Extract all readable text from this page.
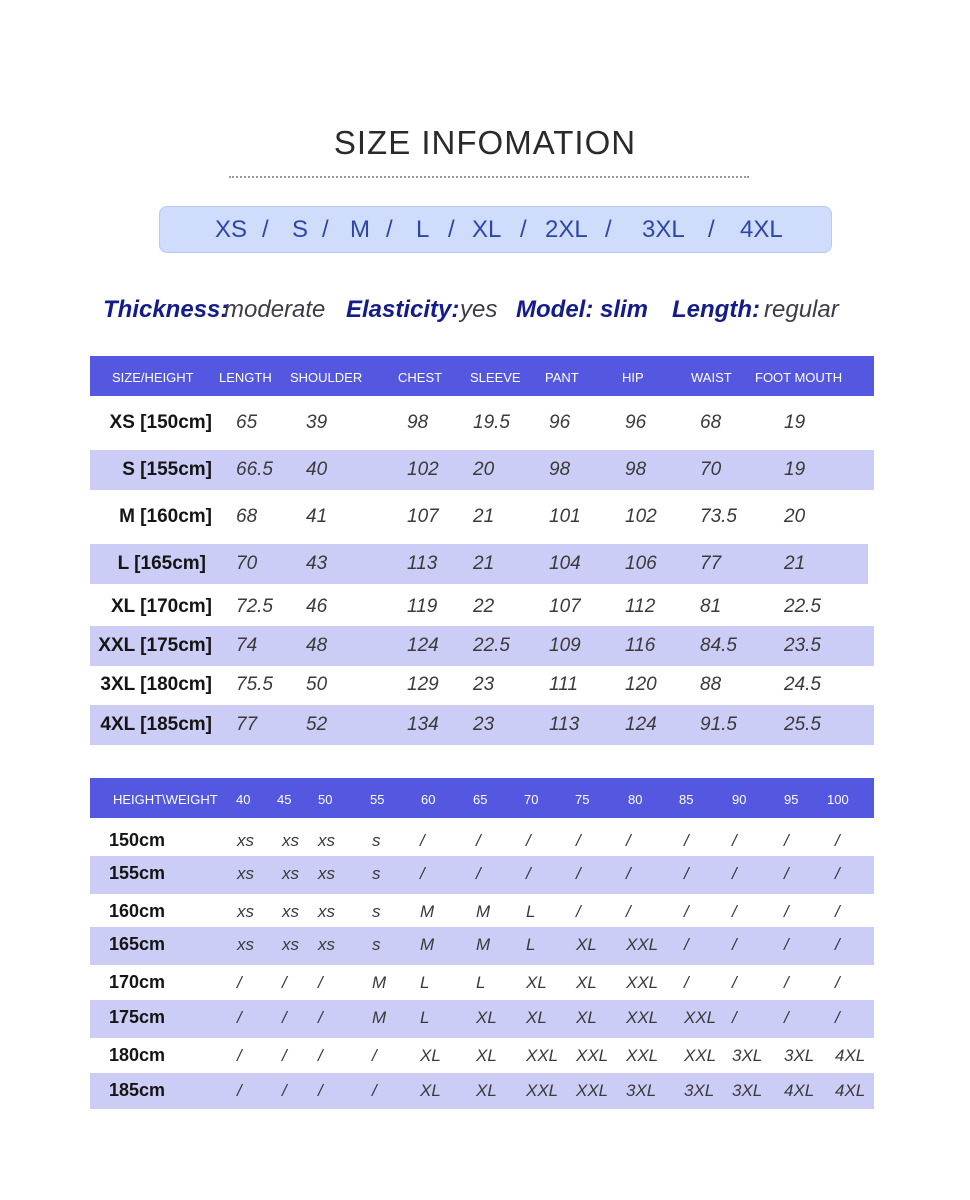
SIZE INFOMATION
XS / S / M / L / XL / 2XL / 3XL / 4XL
Thickness:
moderate Elasticity: yes Model: slim Length: regular
SIZE/HEIGHT LENGTH SHOULDER	CHEST SLEEVE PANT	HIP	WAIST FOOT MOUTH
XS [150cm] 65	39	98 19.5 96	96	68	19
S [155cm] 66.5 40	102 20	98	98	70	19
M [160cm] 68	41	107 21	101 102 73.5 20
L [165cm] 70	43	113 21	104 106 77	21
XL [170cm] 72.5 46	119 22	107 112 81	22.5
XXL [175cm] 74	48	124 22.5 109 116 84.5 23.5
3XL [180cm] 75.5 50	129 23	111 120 88	24.5
4XL [185cm] 77	52	134 23	113 124 91.5 25.5
HEIGHT\WEIGHT 40 45 50	55	60	65	70	75	80	85	90	95 100
150cm	xs xs xs s /	/	/	/	/	/	/	/	/
155cm	xs xs xs s /	/	/	/	/	/	/	/	/
160cm	xs xs xs s M M L /	/	/	/	/	/
165cm	xs xs xs s M M L XL XXL /	/	/	/
170cm	/ / /	M L	L XL XL XXL /	/	/	/
175cm	/ / /	M L	XL XL XL XXL XXL /	/	/
180cm	/ / /	/	XL XL XXL XXL XXL XXL 3XL 3XL 4XL
185cm	/ / /	/	XL XL XXL XXL 3XL 3XL 3XL 4XL 4XL
